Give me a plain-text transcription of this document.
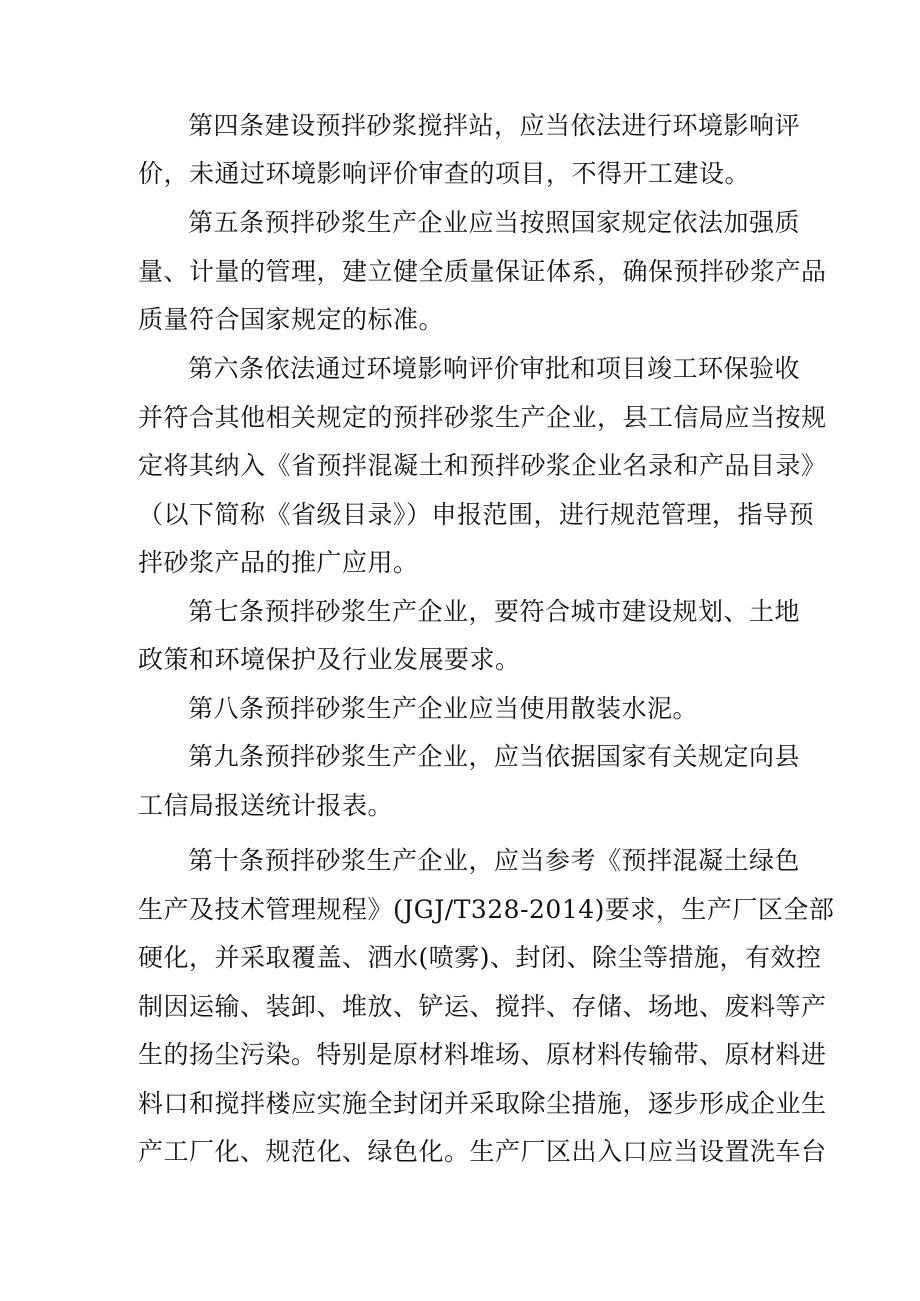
第四条建设预拌砂浆搅拌站，应当依法进行环境影响评
价，未通过环境影响评价审查的项目，不得开工建设。
第五条预拌砂浆生产企业应当按照国家规定依法加强质
量、计量的管理，建立健全质量保证体系，确保预拌砂浆产品
质量符合国家规定的标准。
第六条依法通过环境影响评价审批和项目竣工环保验收
并符合其他相关规定的预拌砂浆生产企业，县工信局应当按规
定将其纳入《省预拌混凝土和预拌砂浆企业名录和产品目录》
（以下简称《省级目录》）申报范围，进行规范管理，指导预
拌砂浆产品的推广应用。
第七条预拌砂浆生产企业，要符合城市建设规划、土地
政策和环境保护及行业发展要求。
第八条预拌砂浆生产企业应当使用散装水泥。
第九条预拌砂浆生产企业，应当依据国家有关规定向县
工信局报送统计报表。
第十条预拌砂浆生产企业，应当参考《预拌混凝土绿色
生产及技术管理规程》(JGJ/T328-2014)要求，生产厂区全部
硬化，并采取覆盖、洒水(喷雾)、封闭、除尘等措施，有效控
制因运输、装卸、堆放、铲运、搅拌、存储、场地、废料等产
生的扬尘污染。特别是原材料堆场、原材料传输带、原材料进
料口和搅拌楼应实施全封闭并采取除尘措施，逐步形成企业生
产工厂化、规范化、绿色化。生产厂区出入口应当设置洗车台
